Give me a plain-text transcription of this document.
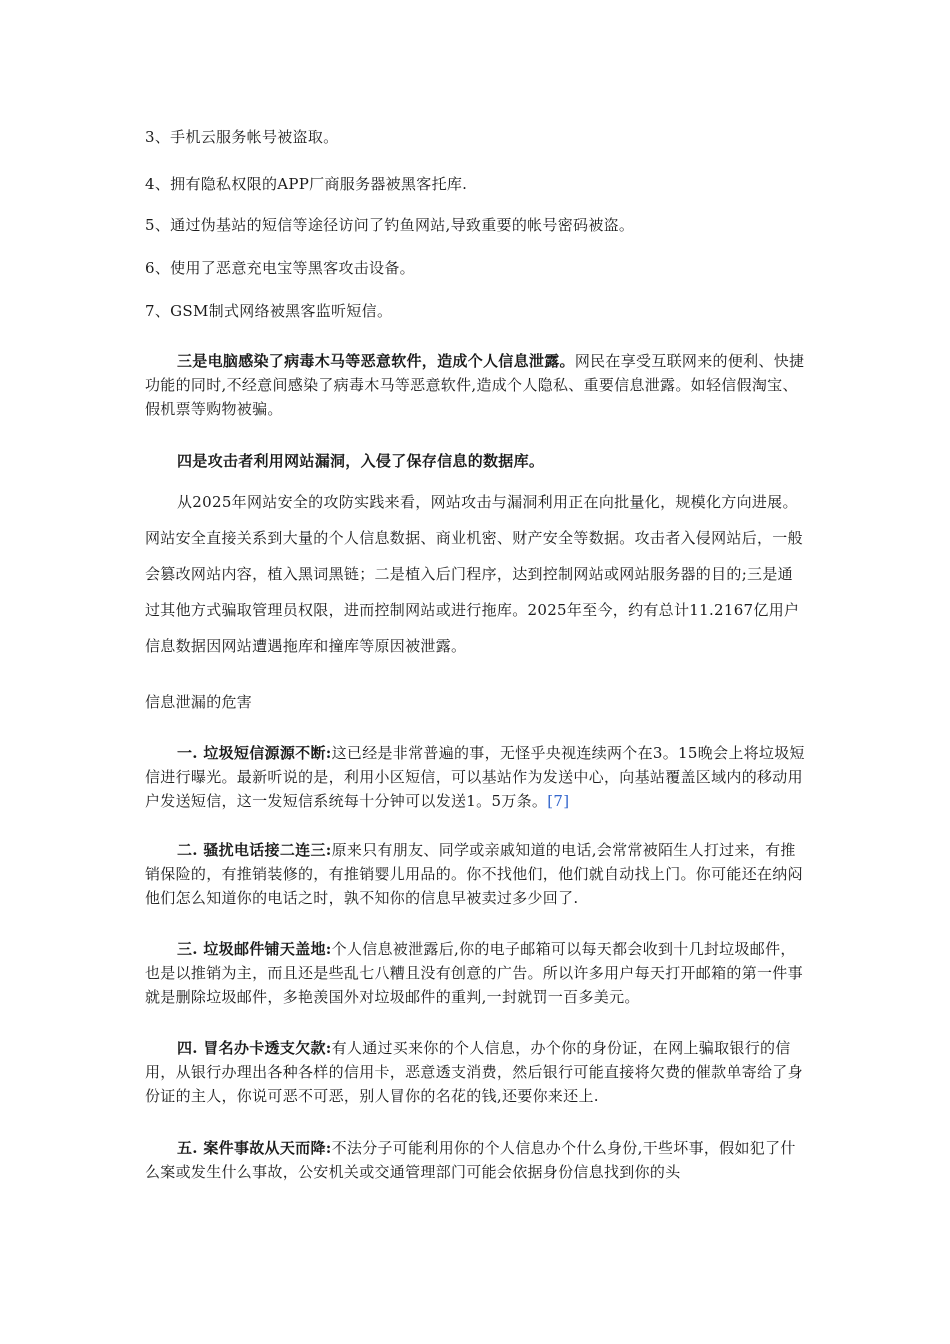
3、手机云服务帐号被盗取。
4、拥有隐私权限的APP厂商服务器被黑客托库.
5、通过伪基站的短信等途径访问了钓鱼网站,导致重要的帐号密码被盗。
6、使用了恶意充电宝等黑客攻击设备。
7、GSM制式网络被黑客监听短信。

三是电脑感染了病毒木马等恶意软件，造成个人信息泄露。网民在享受互联网来的便利、快捷功能的同时,不经意间感染了病毒木马等恶意软件,造成个人隐私、重要信息泄露。如轻信假淘宝、假机票等购物被骗。

四是攻击者利用网站漏洞，入侵了保存信息的数据库。

从2025年网站安全的攻防实践来看，网站攻击与漏洞利用正在向批量化，规模化方向进展。网站安全直接关系到大量的个人信息数据、商业机密、财产安全等数据。攻击者入侵网站后，一般会篡改网站内容，植入黑词黑链；二是植入后门程序，达到控制网站或网站服务器的目的;三是通过其他方式骗取管理员权限，进而控制网站或进行拖库。2025年至今，约有总计11.2167亿用户信息数据因网站遭遇拖库和撞库等原因被泄露。

信息泄漏的危害

一. 垃圾短信源源不断:这已经是非常普遍的事，无怪乎央视连续两个在3。15晚会上将垃圾短信进行曝光。最新听说的是，利用小区短信，可以基站作为发送中心，向基站覆盖区域内的移动用户发送短信，这一发短信系统每十分钟可以发送1。5万条。[7]

二. 骚扰电话接二连三:原来只有朋友、同学或亲戚知道的电话,会常常被陌生人打过来，有推销保险的，有推销装修的，有推销婴儿用品的。你不找他们，他们就自动找上门。你可能还在纳闷他们怎么知道你的电话之时，孰不知你的信息早被卖过多少回了.

三. 垃圾邮件铺天盖地:个人信息被泄露后,你的电子邮箱可以每天都会收到十几封垃圾邮件，也是以推销为主，而且还是些乱七八糟且没有创意的广告。所以许多用户每天打开邮箱的第一件事就是删除垃圾邮件，多艳羡国外对垃圾邮件的重判,一封就罚一百多美元。

四. 冒名办卡透支欠款:有人通过买来你的个人信息，办个你的身份证，在网上骗取银行的信用，从银行办理出各种各样的信用卡，恶意透支消费，然后银行可能直接将欠费的催款单寄给了身份证的主人，你说可恶不可恶，别人冒你的名花的钱,还要你来还上.

五. 案件事故从天而降:不法分子可能利用你的个人信息办个什么身份,干些坏事，假如犯了什么案或发生什么事故，公安机关或交通管理部门可能会依据身份信息找到你的头
